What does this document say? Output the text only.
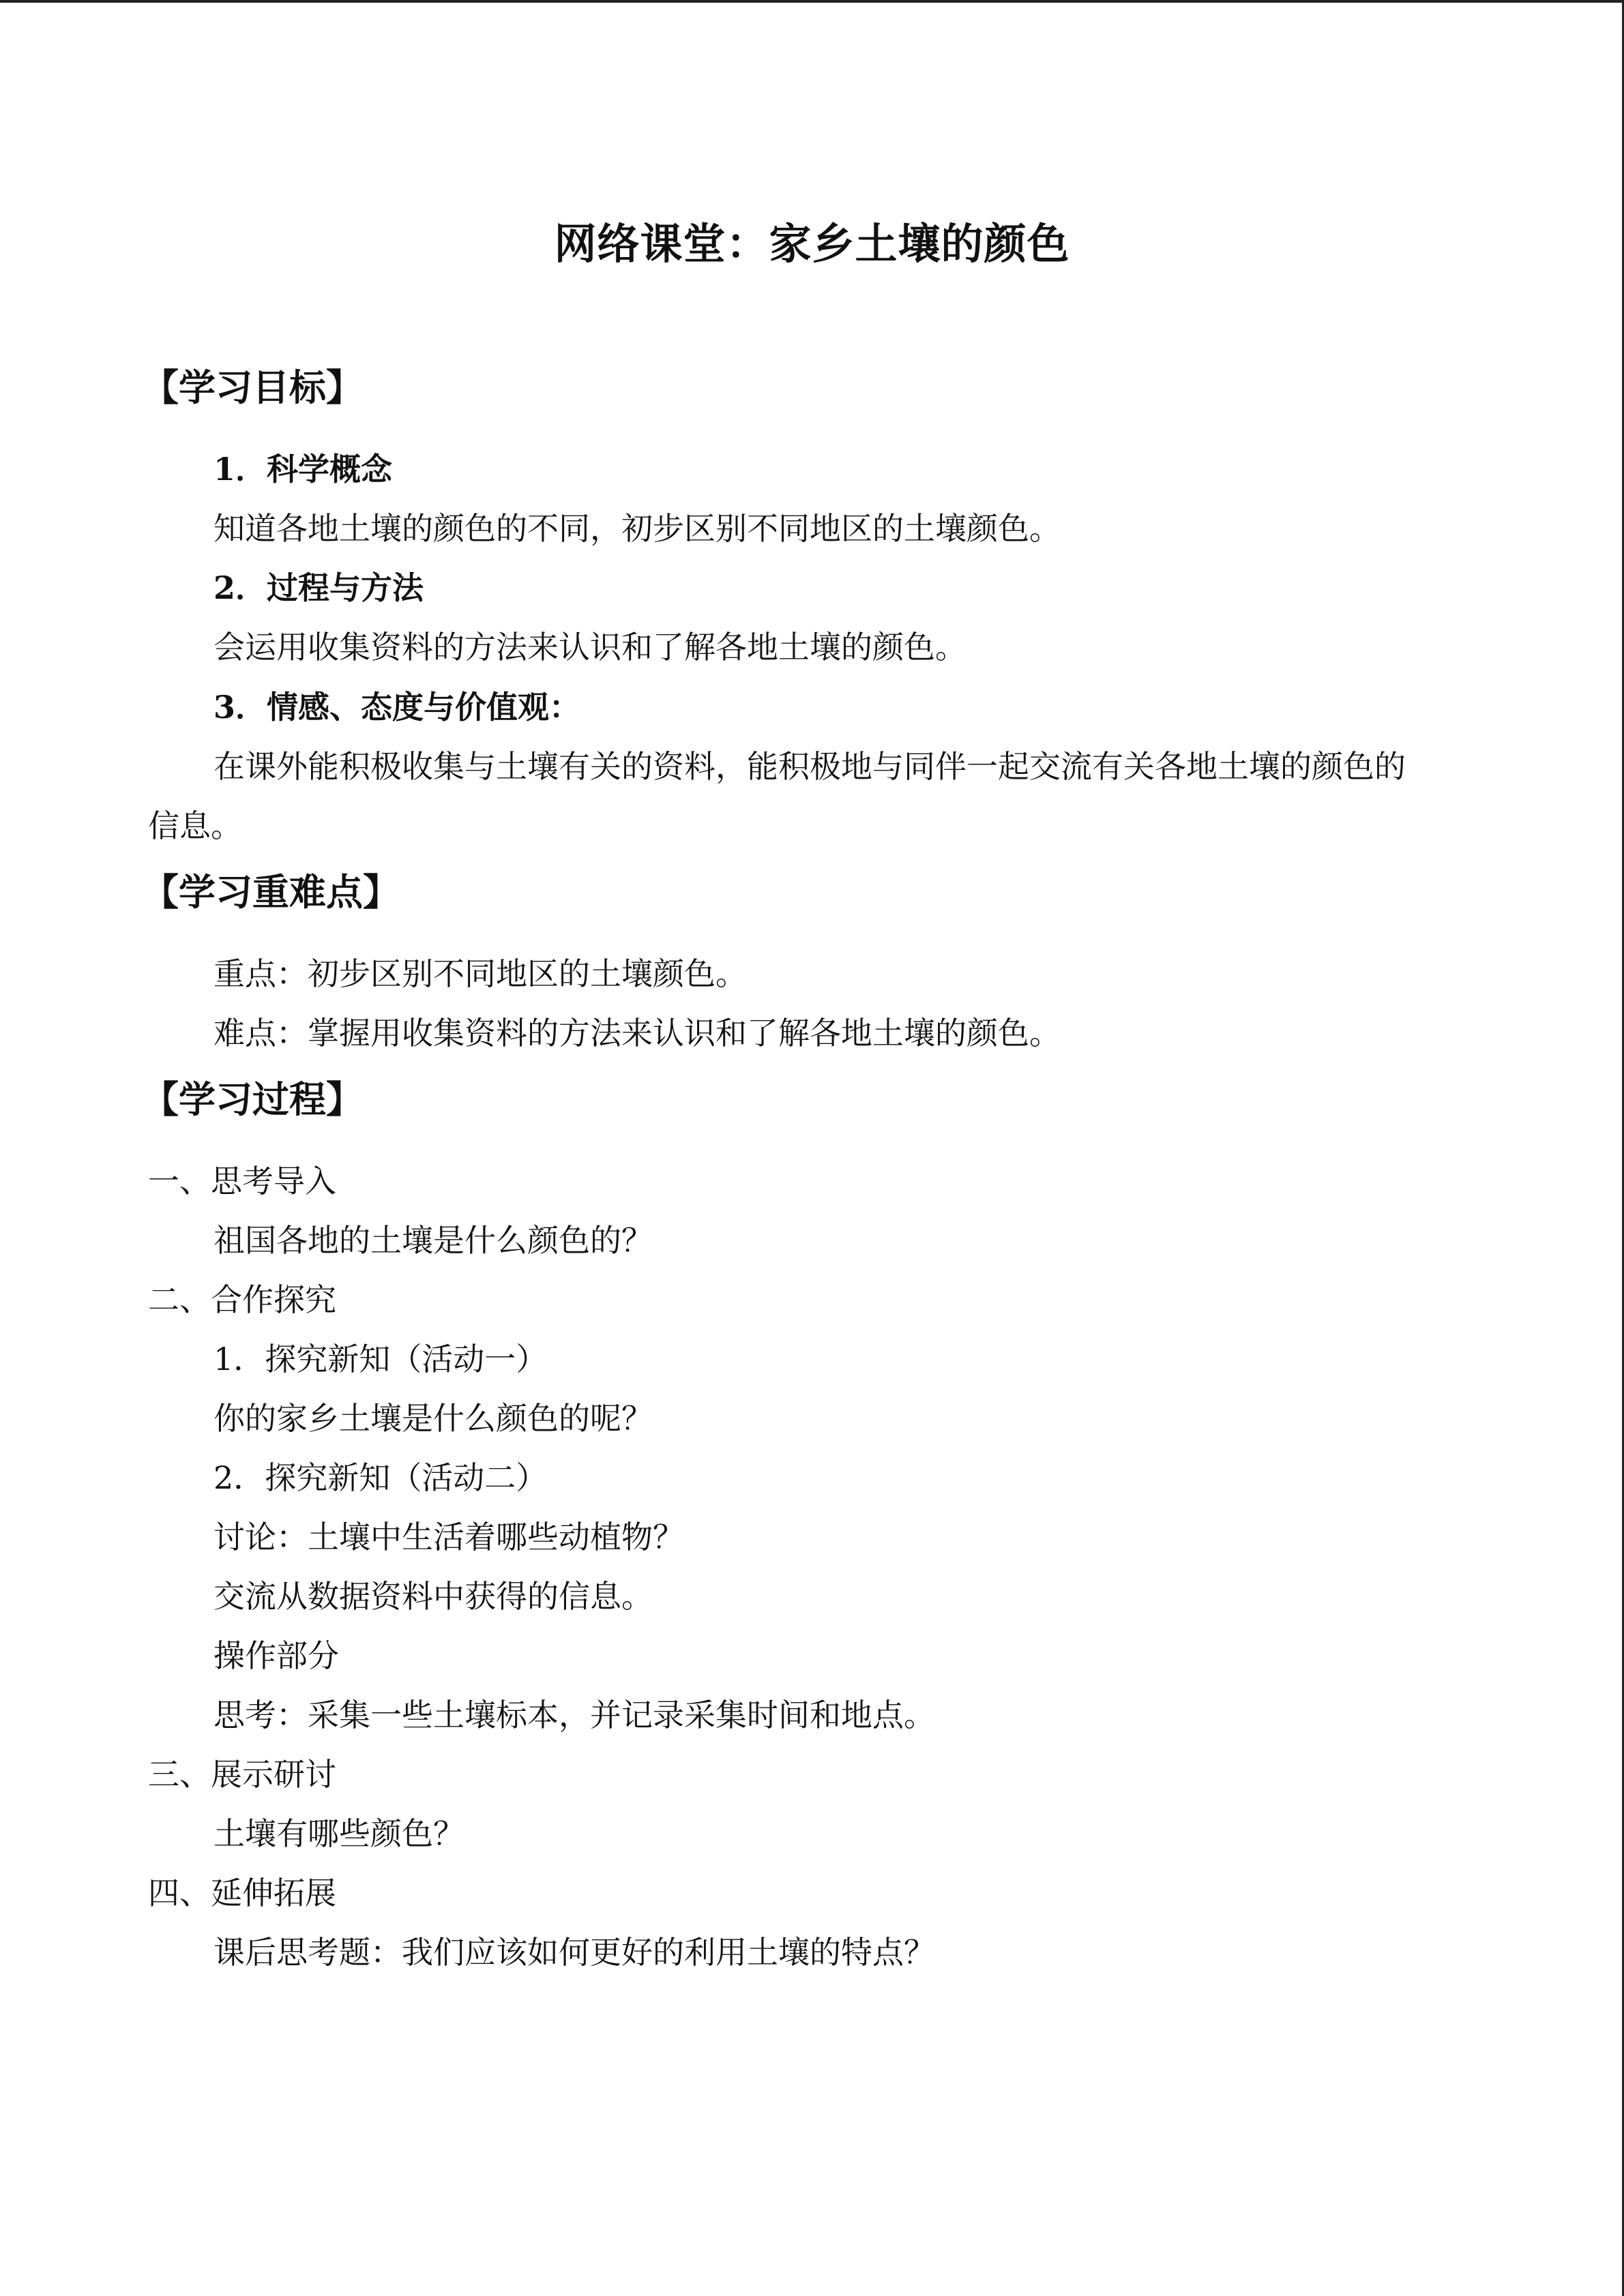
网络课堂：家乡土壤的颜色
【学习目标】
1．科学概念
知道各地土壤的颜色的不同，初步区别不同地区的土壤颜色。
2．过程与方法
会运用收集资料的方法来认识和了解各地土壤的颜色。
3．情感、态度与价值观：
在课外能积极收集与土壤有关的资料，能积极地与同伴一起交流有关各地土壤的颜色的
信息。
【学习重难点】
重点：初步区别不同地区的土壤颜色。
难点：掌握用收集资料的方法来认识和了解各地土壤的颜色。
【学习过程】
一、思考导入
祖国各地的土壤是什么颜色的？
二、合作探究
1．探究新知（活动一）
你的家乡土壤是什么颜色的呢？
2．探究新知（活动二）
讨论：土壤中生活着哪些动植物？
交流从数据资料中获得的信息。
操作部分
思考：采集一些土壤标本，并记录采集时间和地点。
三、展示研讨
土壤有哪些颜色？
四、延伸拓展
课后思考题：我们应该如何更好的利用土壤的特点？
